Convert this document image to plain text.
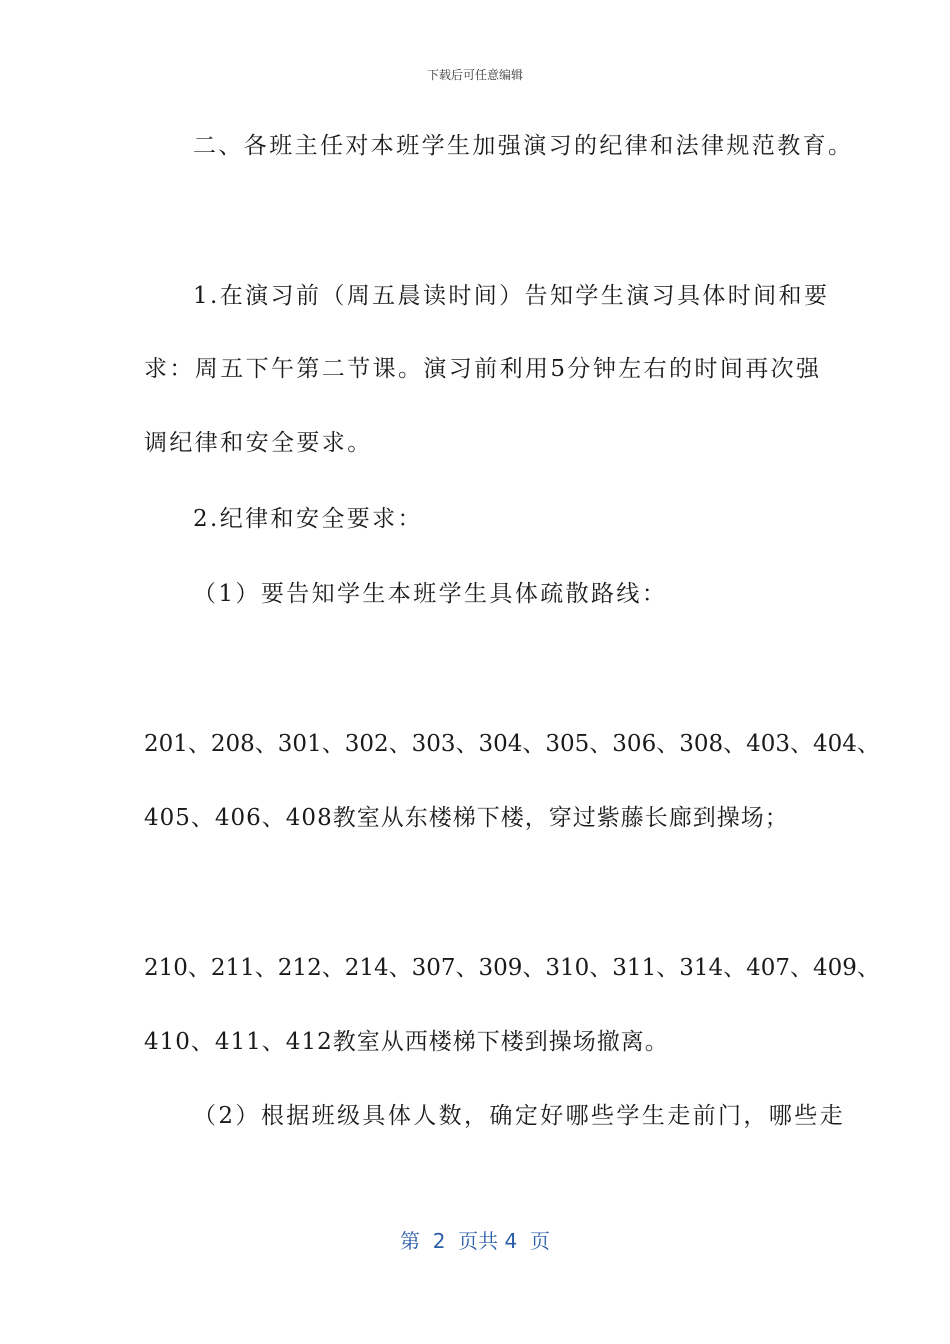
下载后可任意编辑
二、各班主任对本班学生加强演习的纪律和法律规范教育。
1.在演习前（周五晨读时间）告知学生演习具体时间和要
求：周五下午第二节课。演习前利用5分钟左右的时间再次强
调纪律和安全要求。
2.纪律和安全要求：
（1）要告知学生本班学生具体疏散路线：
201、208、301、302、303、304、305、306、308、403、404、
405、406、408教室从东楼梯下楼，穿过紫藤长廊到操场；
210、211、212、214、307、309、310、311、314、407、409、
410、411、412教室从西楼梯下楼到操场撤离。
（2）根据班级具体人数，确定好哪些学生走前门，哪些走
第  2  页共 4  页
